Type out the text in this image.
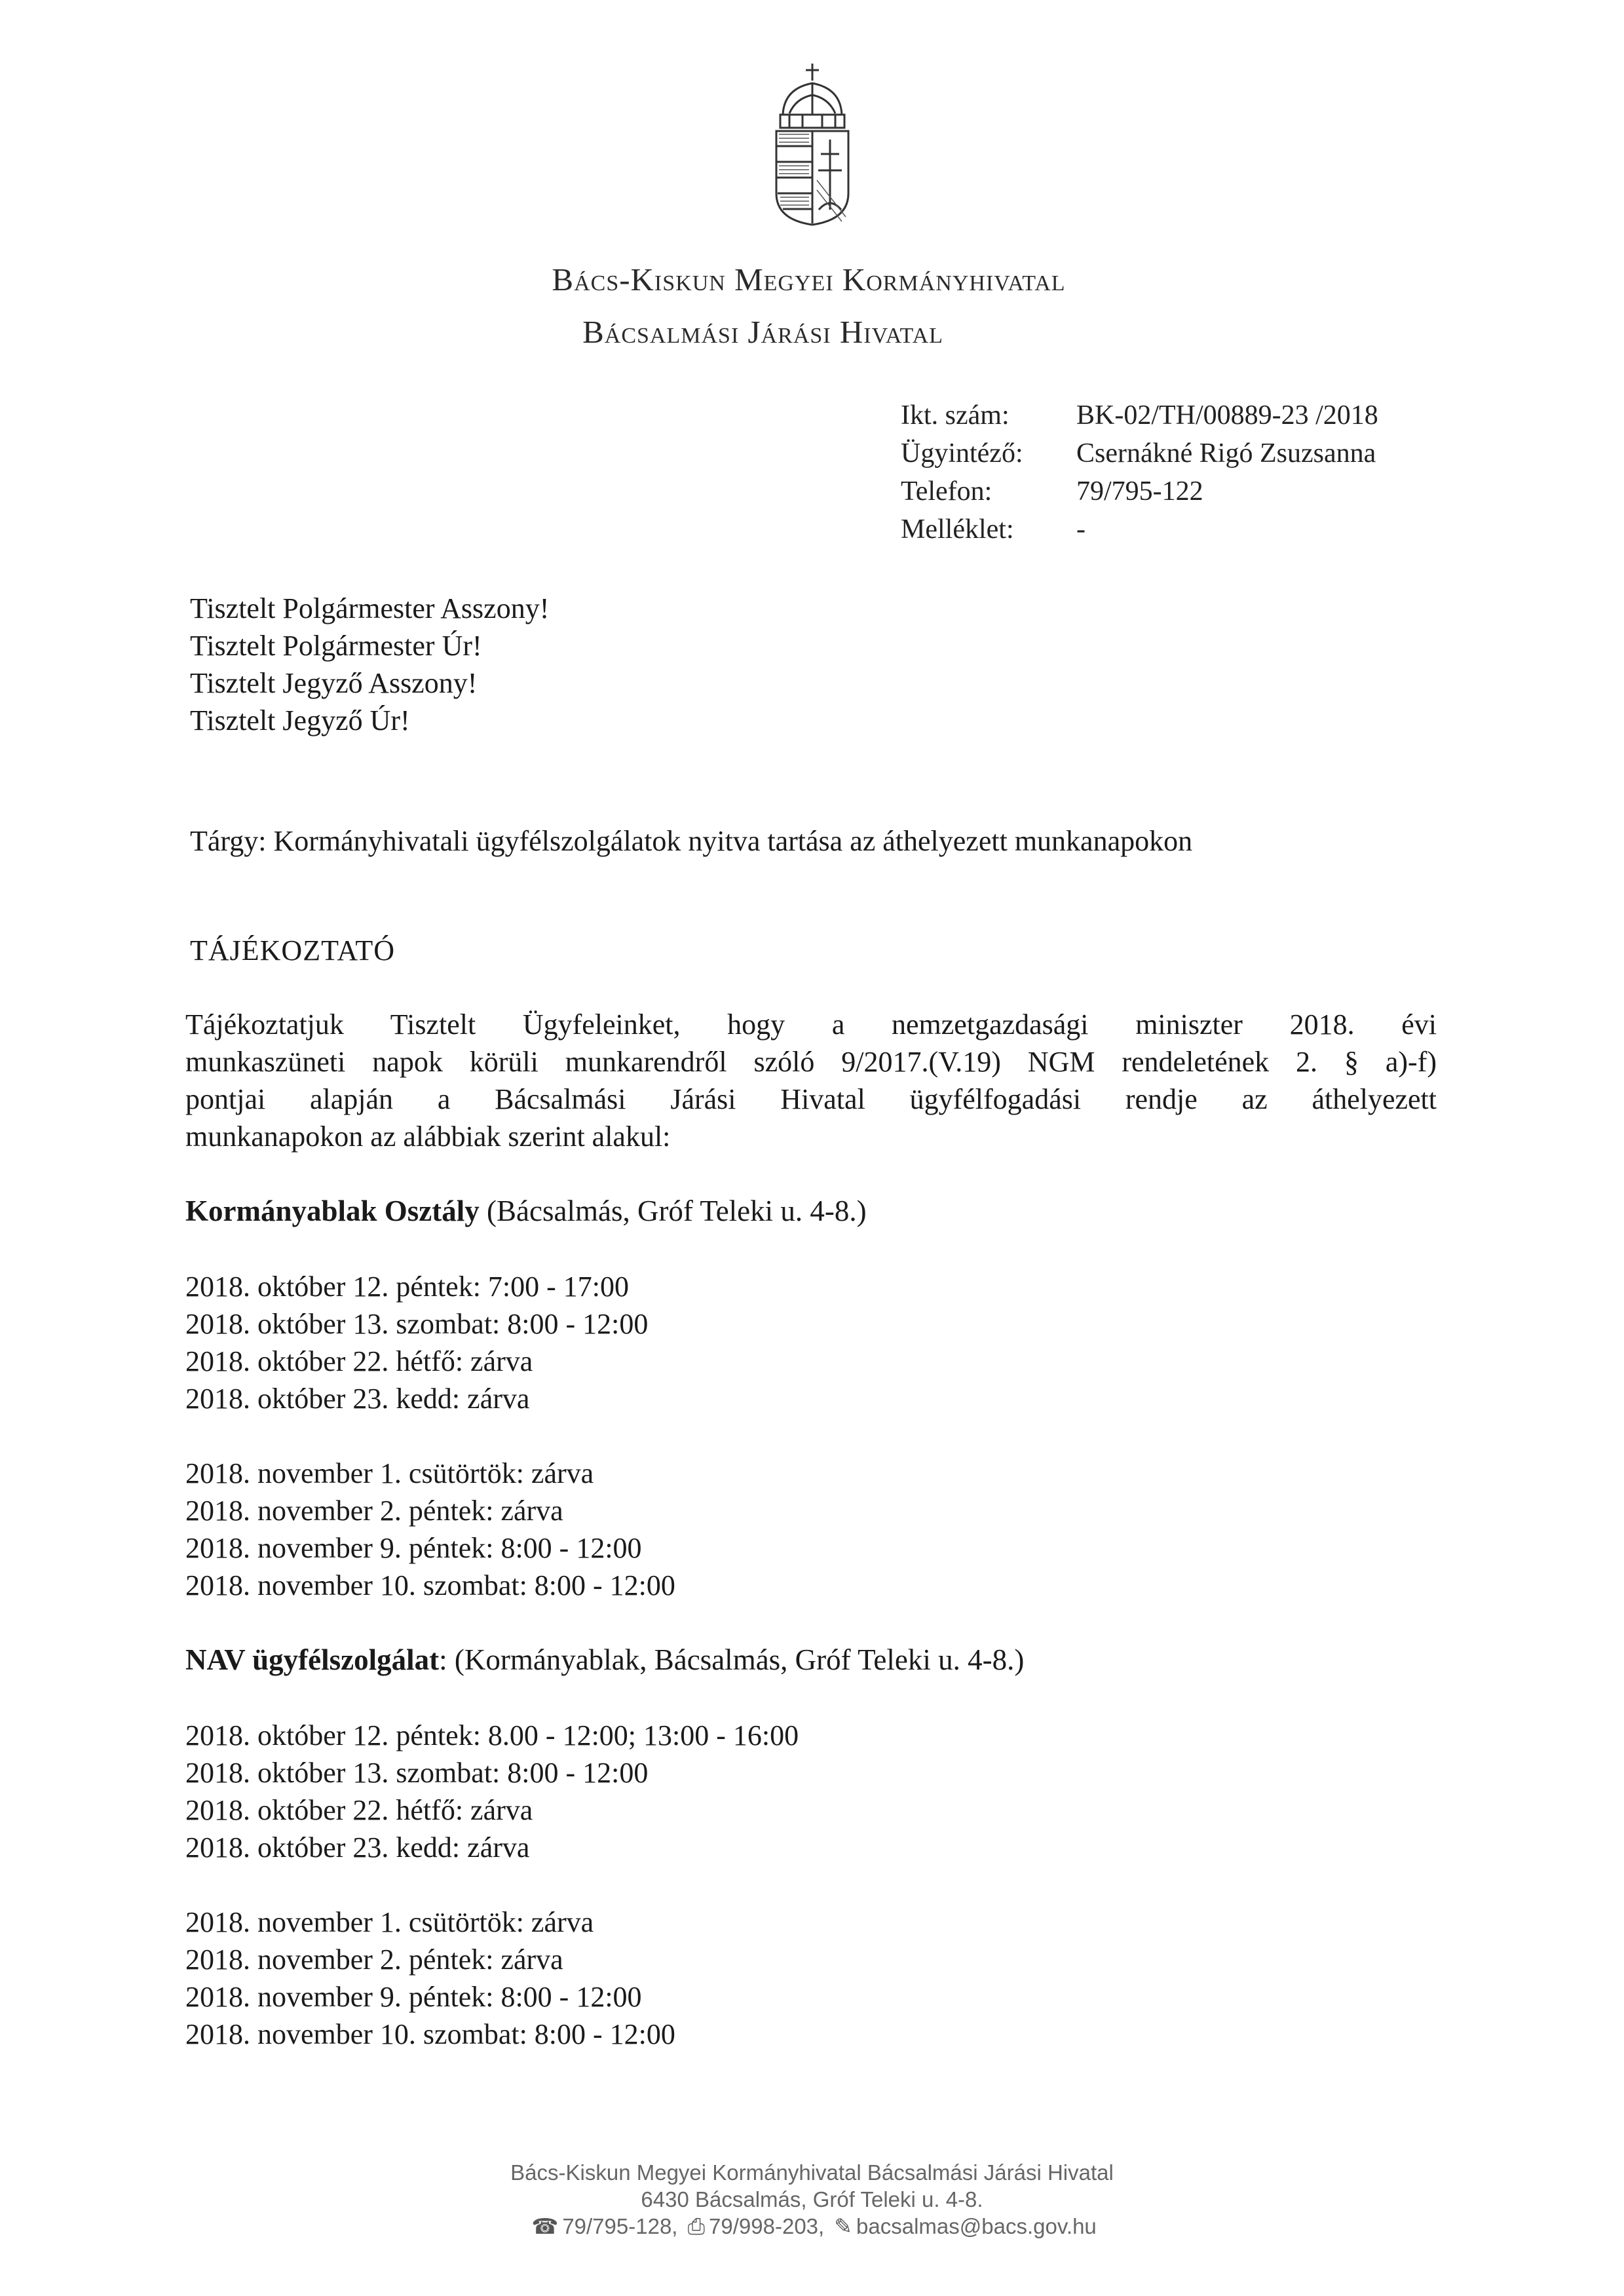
Bács-Kiskun Megyei Kormányhivatal
Bácsalmási Járási Hivatal
Ikt. szám: BK-02/TH/00889-23 /2018
Ügyintéző: Csernákné Rigó Zsuzsanna
Telefon:	79/795-122
Melléklet: -
Tisztelt Polgármester Asszony!
Tisztelt Polgármester Úr!
Tisztelt Jegyző Asszony!
Tisztelt Jegyző Úr!
Tárgy: Kormányhivatali ügyfélszolgálatok nyitva tartása az áthelyezett munkanapokon
TÁJÉKOZTATÓ
Tájékoztatjuk Tisztelt Ügyfeleinket, hogy a nemzetgazdasági miniszter 2018. évi
munkaszüneti napok körüli munkarendről szóló 9/2017.(V.19) NGM rendeletének 2. § a)-f)
pontjai alapján a Bácsalmási Járási Hivatal ügyfélfogadási rendje az áthelyezett
munkanapokon az alábbiak szerint alakul:
Kormányablak Osztály (Bácsalmás, Gróf Teleki u. 4-8.)
2018. október 12. péntek: 7:00 - 17:00
2018. október 13. szombat: 8:00 - 12:00
2018. október 22. hétfő: zárva
2018. október 23. kedd: zárva
2018. november 1. csütörtök: zárva
2018. november 2. péntek: zárva
2018. november 9. péntek: 8:00 - 12:00
2018. november 10. szombat: 8:00 - 12:00
NAV ügyfélszolgálat: (Kormányablak, Bácsalmás, Gróf Teleki u. 4-8.)
2018. október 12. péntek: 8.00 - 12:00; 13:00 - 16:00
2018. október 13. szombat: 8:00 - 12:00
2018. október 22. hétfő: zárva
2018. október 23. kedd: zárva
2018. november 1. csütörtök: zárva
2018. november 2. péntek: zárva
2018. november 9. péntek: 8:00 - 12:00
2018. november 10. szombat: 8:00 - 12:00
Bács-Kiskun Megyei Kormányhivatal Bácsalmási Járási Hivatal
6430 Bácsalmás, Gróf Teleki u. 4-8.
☎ 79/795-128, ⎙ 79/998-203, ✎ bacsalmas@bacs.gov.hu
